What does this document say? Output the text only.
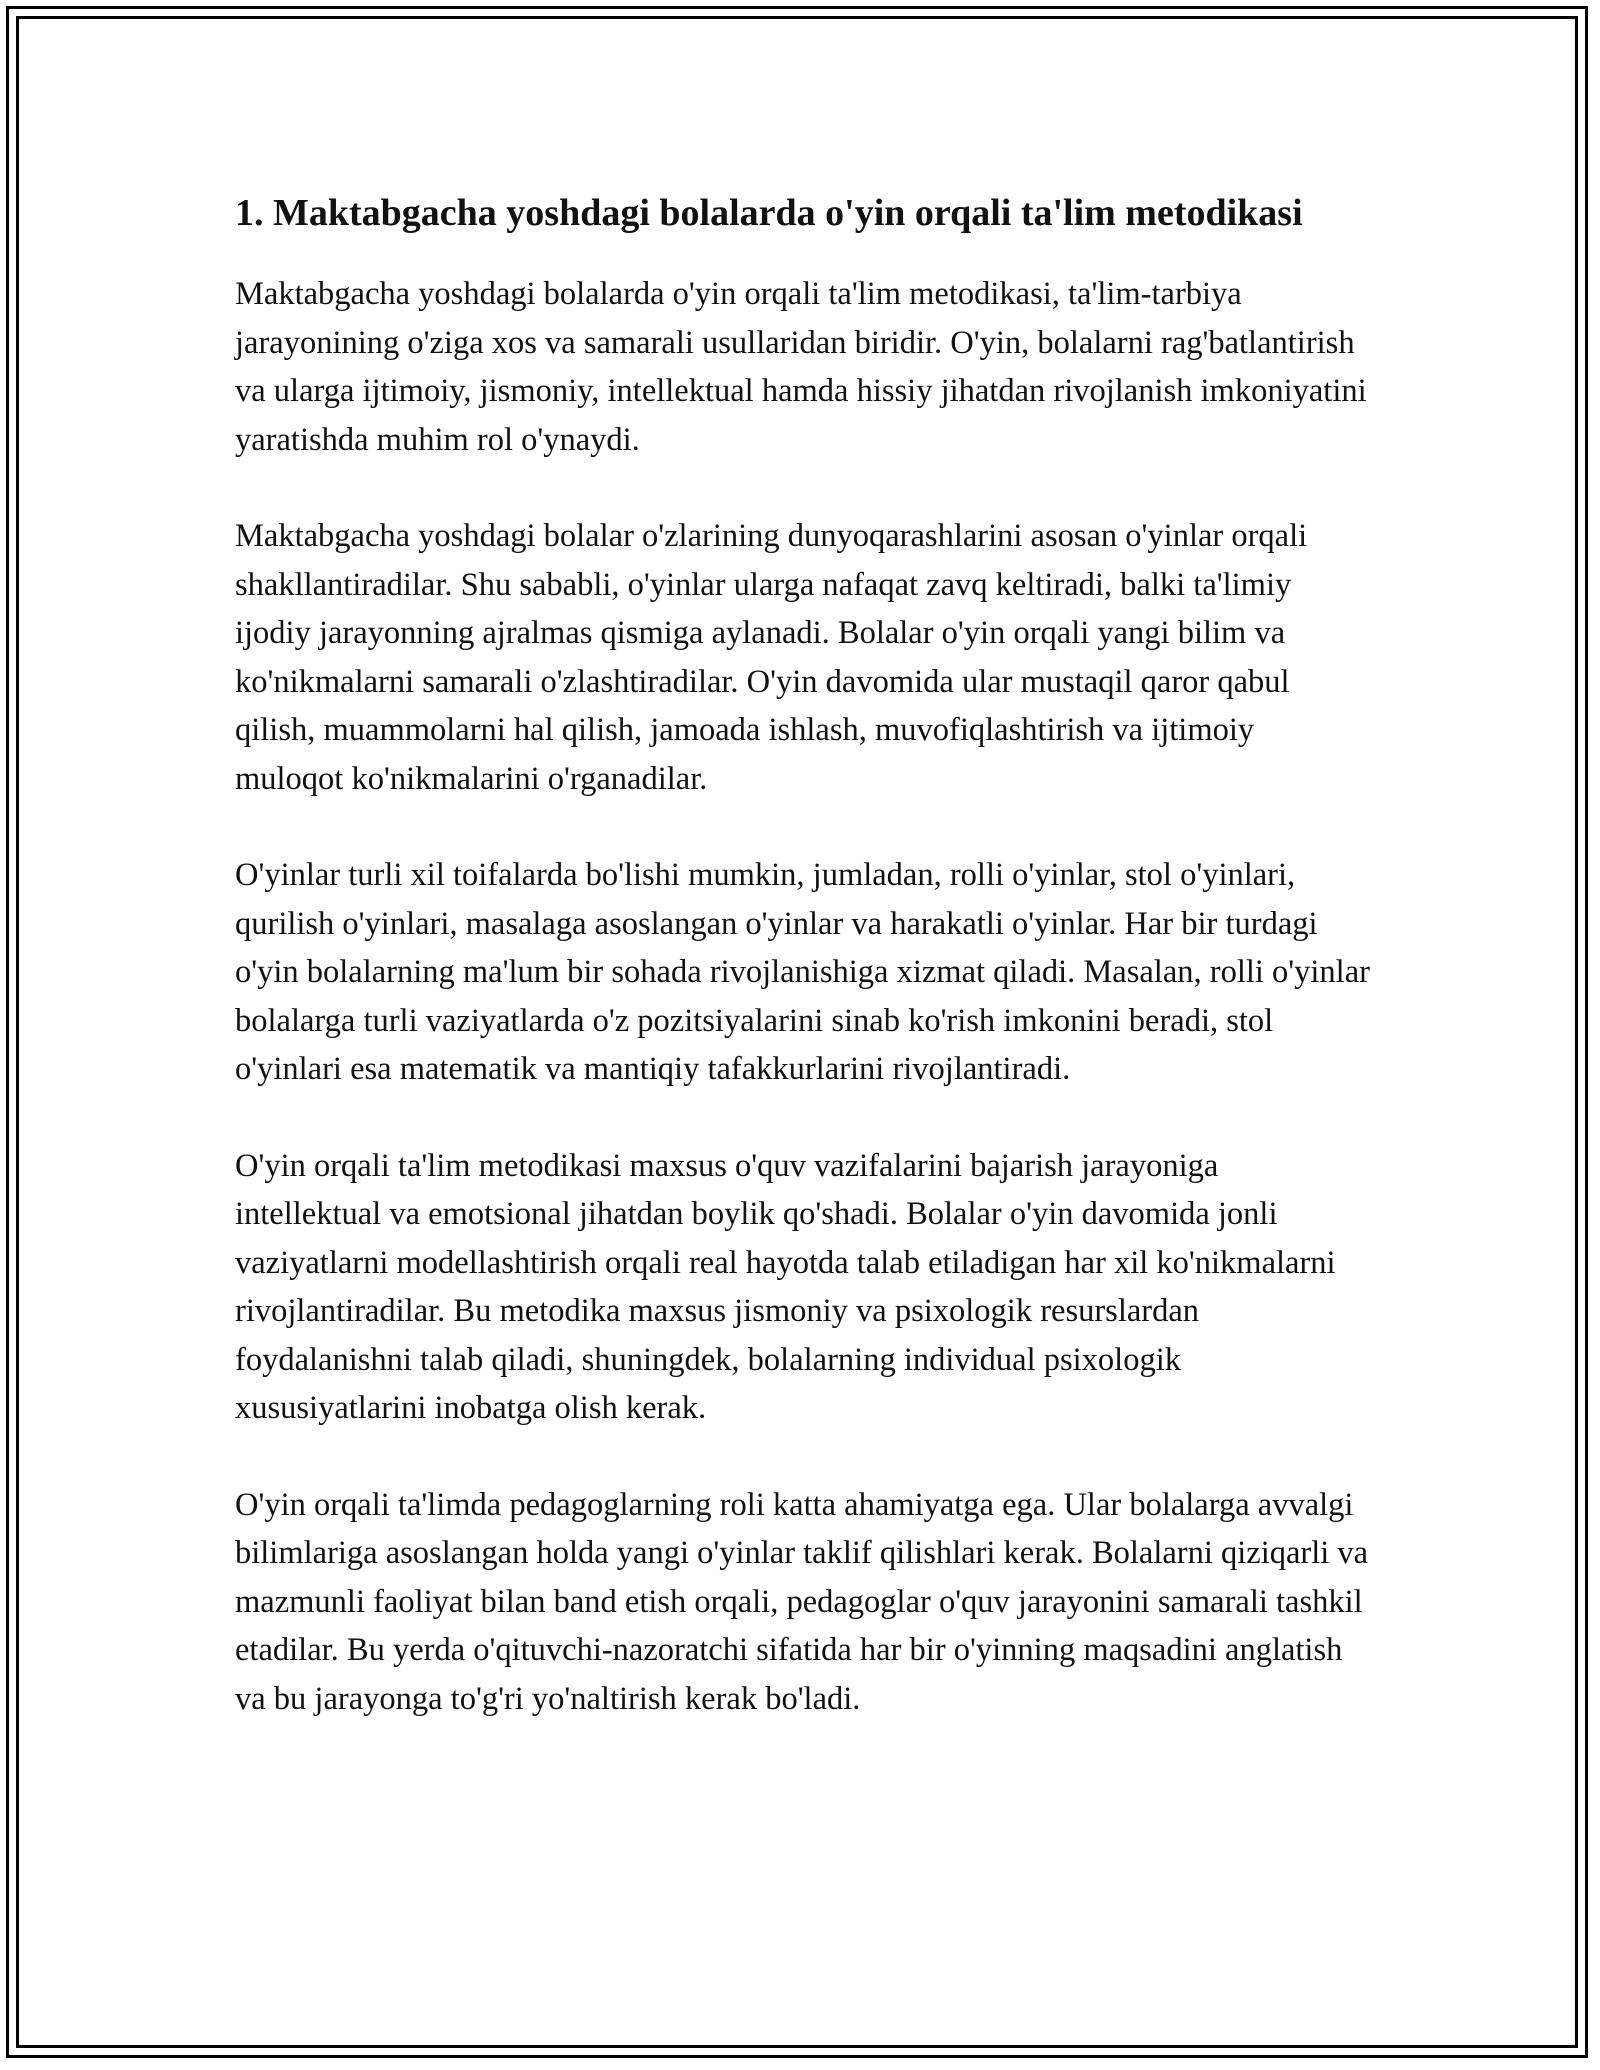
1. Maktabgacha yoshdagi bolalarda o'yin orqali ta'lim metodikasi

Maktabgacha yoshdagi bolalarda o'yin orqali ta'lim metodikasi, ta'lim-tarbiya jarayonining o'ziga xos va samarali usullaridan biridir. O'yin, bolalarni rag'batlantirish va ularga ijtimoiy, jismoniy, intellektual hamda hissiy jihatdan rivojlanish imkoniyatini yaratishda muhim rol o'ynaydi.

Maktabgacha yoshdagi bolalar o'zlarining dunyoqarashlarini asosan o'yinlar orqali shakllantiradilar. Shu sababli, o'yinlar ularga nafaqat zavq keltiradi, balki ta'limiy ijodiy jarayonning ajralmas qismiga aylanadi. Bolalar o'yin orqali yangi bilim va ko'nikmalarni samarali o'zlashtiradilar. O'yin davomida ular mustaqil qaror qabul qilish, muammolarni hal qilish, jamoada ishlash, muvofiqlashtirish va ijtimoiy muloqot ko'nikmalarini o'rganadilar.

O'yinlar turli xil toifalarda bo'lishi mumkin, jumladan, rolli o'yinlar, stol o'yinlari, qurilish o'yinlari, masalaga asoslangan o'yinlar va harakatli o'yinlar. Har bir turdagi o'yin bolalarning ma'lum bir sohada rivojlanishiga xizmat qiladi. Masalan, rolli o'yinlar bolalarga turli vaziyatlarda o'z pozitsiyalarini sinab ko'rish imkonini beradi, stol o'yinlari esa matematik va mantiqiy tafakkurlarini rivojlantiradi.

O'yin orqali ta'lim metodikasi maxsus o'quv vazifalarini bajarish jarayoniga intellektual va emotsional jihatdan boylik qo'shadi. Bolalar o'yin davomida jonli vaziyatlarni modellashtirish orqali real hayotda talab etiladigan har xil ko'nikmalarni rivojlantiradilar. Bu metodika maxsus jismoniy va psixologik resurslardan foydalanishni talab qiladi, shuningdek, bolalarning individual psixologik xususiyatlarini inobatga olish kerak.

O'yin orqali ta'limda pedagoglarning roli katta ahamiyatga ega. Ular bolalarga avvalgi bilimlariga asoslangan holda yangi o'yinlar taklif qilishlari kerak. Bolalarni qiziqarli va mazmunli faoliyat bilan band etish orqali, pedagoglar o'quv jarayonini samarali tashkil etadilar. Bu yerda o'qituvchi-nazoratchi sifatida har bir o'yinning maqsadini anglatish va bu jarayonga to'g'ri yo'naltirish kerak bo'ladi.
